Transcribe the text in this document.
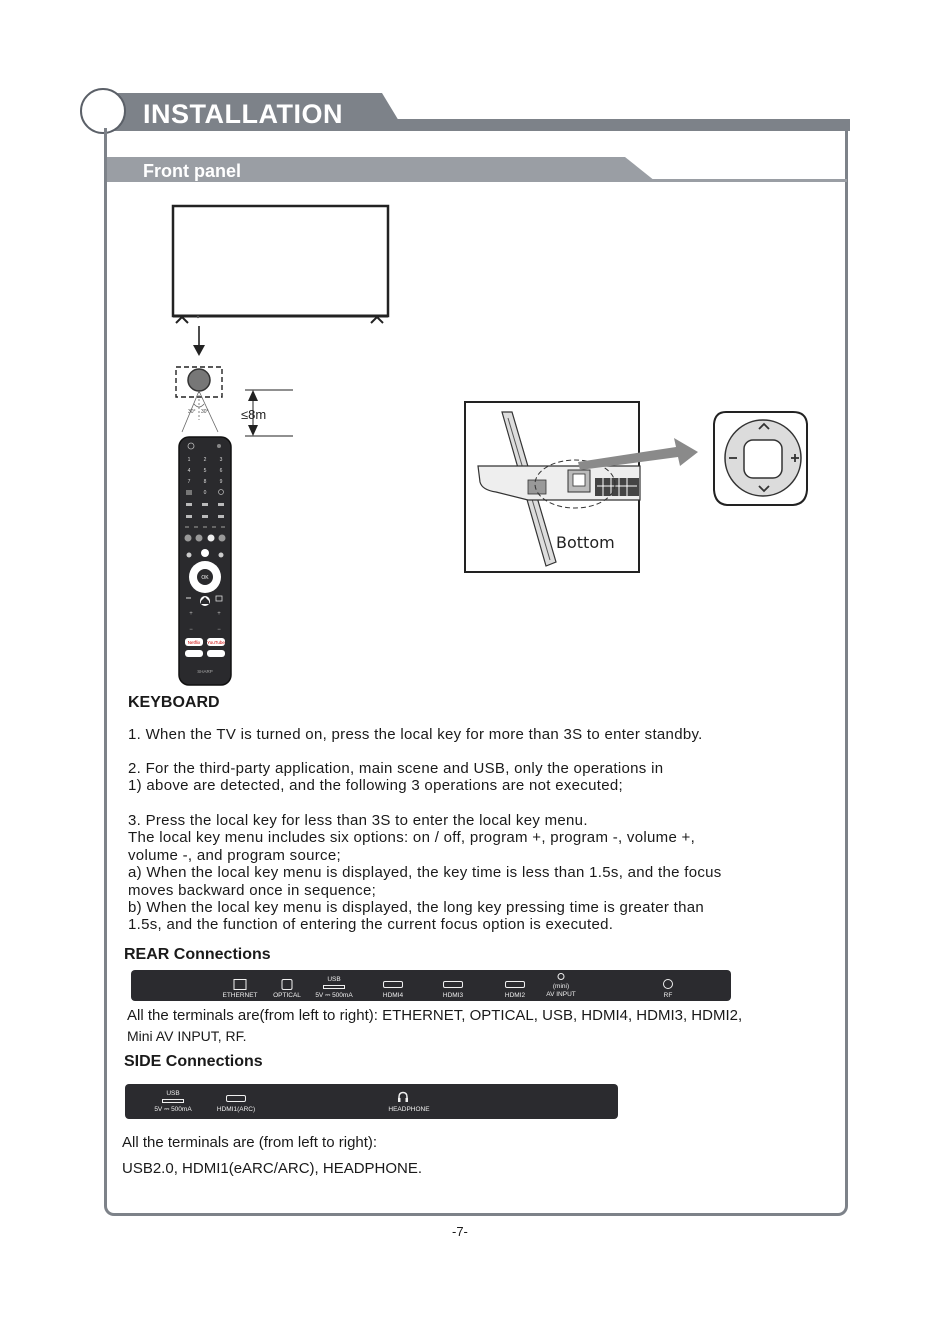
INSTALLATION
Front panel
30° 30° ≤8m
1	2	3
4	5	6
7	8	9
0
OK
+	+
−	−
Netflix YouTube
SHARP
Bottom
KEYBOARD
1. When the TV is turned on, press the local key for more than 3S to enter standby.
2. For the third-party application, main scene and USB, only the operations in
1) above are detected, and the following 3 operations are not executed;
3. Press the local key for less than 3S to enter the local key menu.
The local key menu includes six options: on / off, program +, program -, volume +,
volume -, and program source;
a) When the local key menu is displayed, the key time is less than 1.5s, and the focus
moves backward once in sequence;
b) When the local key menu is displayed, the long key pressing time is greater than
1.5s, and the function of entering the current focus option is executed.
REAR Connections
ETHERNET OPTICAL
USB
5V ⎓ 500mA	HDMI4	HDMI3	HDMI2
(mini)
AV INPUT	RF
All the terminals are(from left to right): ETHERNET, OPTICAL, USB, HDMI4, HDMI3, HDMI2,
Mini AV INPUT, RF.
SIDE Connections
USB
5V ⎓ 500mA	HDMI1(ARC)	HEADPHONE
All the terminals are (from left to right):
USB2.0, HDMI1(eARC/ARC), HEADPHONE.
-7-
